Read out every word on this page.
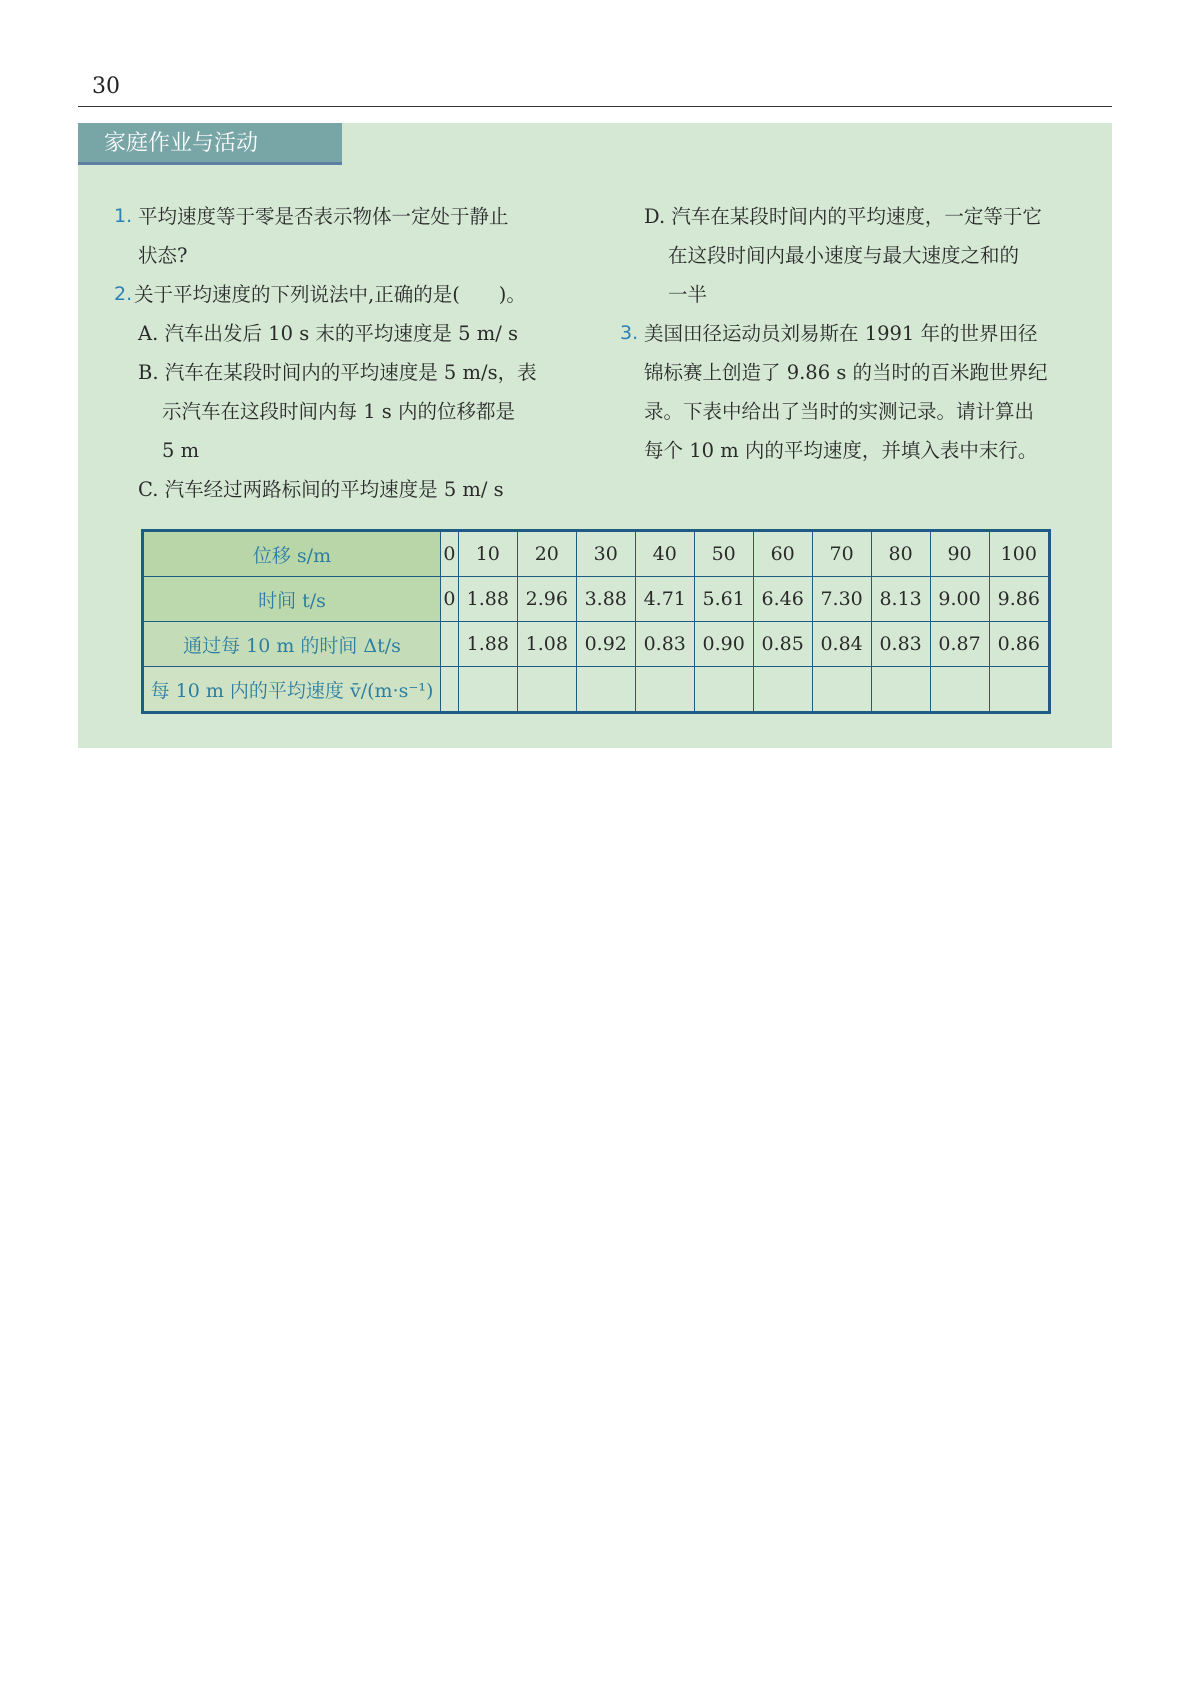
30
家庭作业与活动
1. 平均速度等于零是否表示物体一定处于静止
状态?
2. 关于平均速度的下列说法中,正确的是(　　)。
A. 汽车出发后 10 s 末的平均速度是 5 m/ s
B. 汽车在某段时间内的平均速度是 5 m/s，表
示汽车在这段时间内每 1 s 内的位移都是
5 m
C. 汽车经过两路标间的平均速度是 5 m/ s
D. 汽车在某段时间内的平均速度，一定等于它
在这段时间内最小速度与最大速度之和的
一半
3. 美国田径运动员刘易斯在 1991 年的世界田径
锦标赛上创造了 9.86 s 的当时的百米跑世界纪
录。下表中给出了当时的实测记录。请计算出
每个 10 m 内的平均速度，并填入表中末行。
位移 s/m	0	10	20	30	40	50	60	70	80	90	100
时间 t/s	0	1.88	2.96	3.88	4.71	5.61	6.46	7.30	8.13	9.00	9.86
通过每 10 m 的时间 Δt/s		1.88	1.08	0.92	0.83	0.90	0.85	0.84	0.83	0.87	0.86
每 10 m 内的平均速度 v̄/(m·s⁻¹)											
